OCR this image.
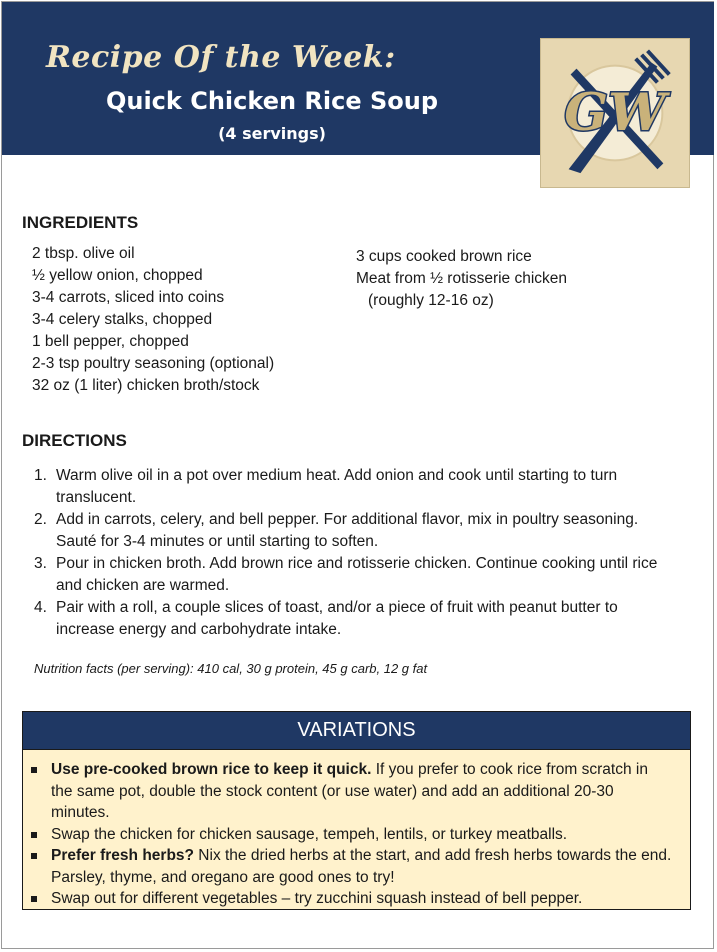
Recipe Of the Week:
Quick Chicken Rice Soup

(4 servings)	GW
INGREDIENTS
2 tbsp. olive oil
½ yellow onion, chopped
3-4 carrots, sliced into coins
3-4 celery stalks, chopped
1 bell pepper, chopped
2-3 tsp poultry seasoning (optional)
32 oz (1 liter) chicken broth/stock
3 cups cooked brown rice
Meat from ½ rotisserie chicken
(roughly 12-16 oz)
DIRECTIONS
1. Warm olive oil in a pot over medium heat. Add onion and cook until starting to turn translucent.
2. Add in carrots, celery, and bell pepper. For additional flavor, mix in poultry seasoning. Sauté for 3-4 minutes or until starting to soften.
3. Pour in chicken broth. Add brown rice and rotisserie chicken. Continue cooking until rice and chicken are warmed.
4. Pair with a roll, a couple slices of toast, and/or a piece of fruit with peanut butter to increase energy and carbohydrate intake.

Nutrition facts (per serving): 410 cal, 30 g protein, 45 g carb, 12 g fat

VARIATIONS
Use pre-cooked brown rice to keep it quick. If you prefer to cook rice from scratch in the same pot, double the stock content (or use water) and add an additional 20-30 minutes.
Swap the chicken for chicken sausage, tempeh, lentils, or turkey meatballs.
Prefer fresh herbs? Nix the dried herbs at the start, and add fresh herbs towards the end. Parsley, thyme, and oregano are good ones to try!
Swap out for different vegetables – try zucchini squash instead of bell pepper.
